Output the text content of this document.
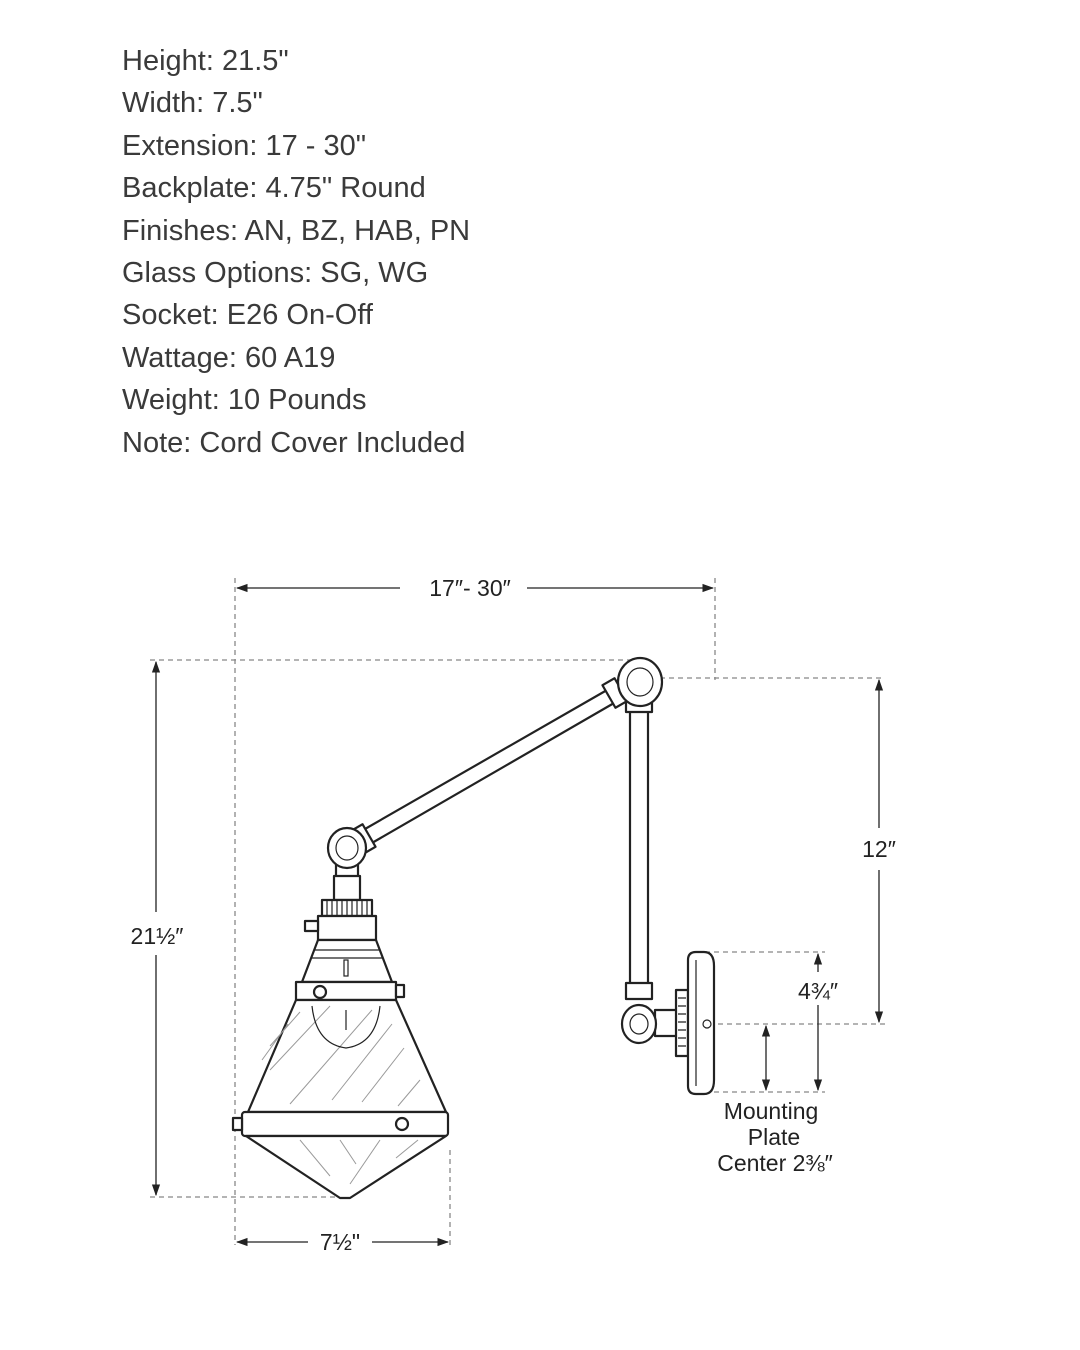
Height: 21.5"
Width: 7.5"
Extension: 17 - 30"
Backplate: 4.75" Round
Finishes: AN, BZ, HAB, PN
Glass Options: SG, WG
Socket: E26 On-Off
Wattage: 60 A19
Weight: 10 Pounds
Note: Cord Cover Included
17″- 30″
21½″
7½"
12″
4¾″
Mounting
Plate
Center 2⅜″
